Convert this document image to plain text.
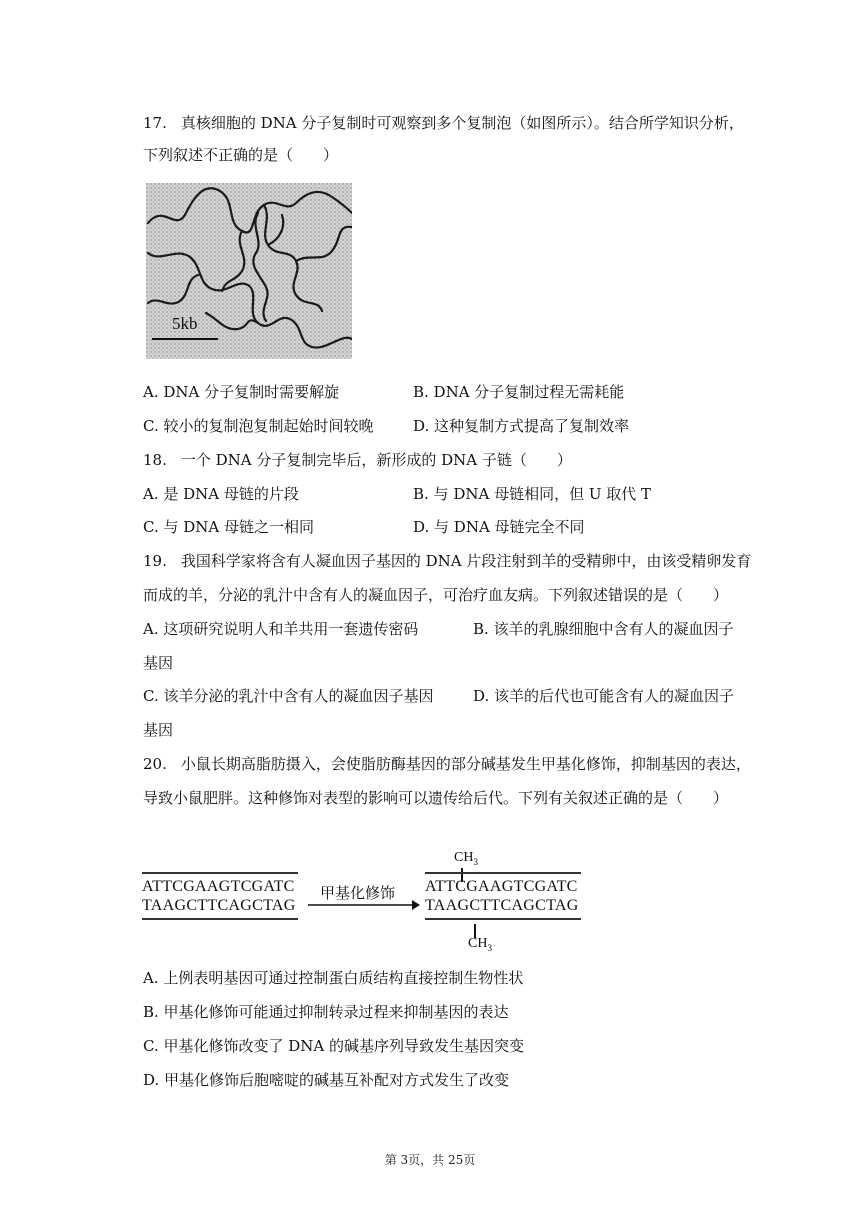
17. 真核细胞的 DNA 分子复制时可观察到多个复制泡（如图所示）。结合所学知识分析，
下列叙述不正确的是（　　）
5kb
A. DNA 分子复制时需要解旋	B. DNA 分子复制过程无需耗能
C. 较小的复制泡复制起始时间较晚	D. 这种复制方式提高了复制效率
18. 一个 DNA 分子复制完毕后，新形成的 DNA 子链（　　）
A. 是 DNA 母链的片段	B. 与 DNA 母链相同，但 U 取代 T
C. 与 DNA 母链之一相同	D. 与 DNA 母链完全不同
19. 我国科学家将含有人凝血因子基因的 DNA 片段注射到羊的受精卵中，由该受精卵发育
而成的羊，分泌的乳汁中含有人的凝血因子，可治疗血友病。下列叙述错误的是（　　）
A. 这项研究说明人和羊共用一套遗传密码	B. 该羊的乳腺细胞中含有人的凝血因子
基因
C. 该羊分泌的乳汁中含有人的凝血因子基因	D. 该羊的后代也可能含有人的凝血因子
基因
20. 小鼠长期高脂肪摄入，会使脂肪酶基因的部分碱基发生甲基化修饰，抑制基因的表达，
导致小鼠肥胖。这种修饰对表型的影响可以遗传给后代。下列有关叙述正确的是（　　）
ATTCGAAGTCGATC
TAAGCTTCAGCTAG
甲基化修饰
$CH_3$
ATTCGAAGTCGATC
TAAGCTTCAGCTAG
$CH_3$
A. 上例表明基因可通过控制蛋白质结构直接控制生物性状
B. 甲基化修饰可能通过抑制转录过程来抑制基因的表达
C. 甲基化修饰改变了 DNA 的碱基序列导致发生基因突变
D. 甲基化修饰后胞嘧啶的碱基互补配对方式发生了改变
第 3页，共 25页
